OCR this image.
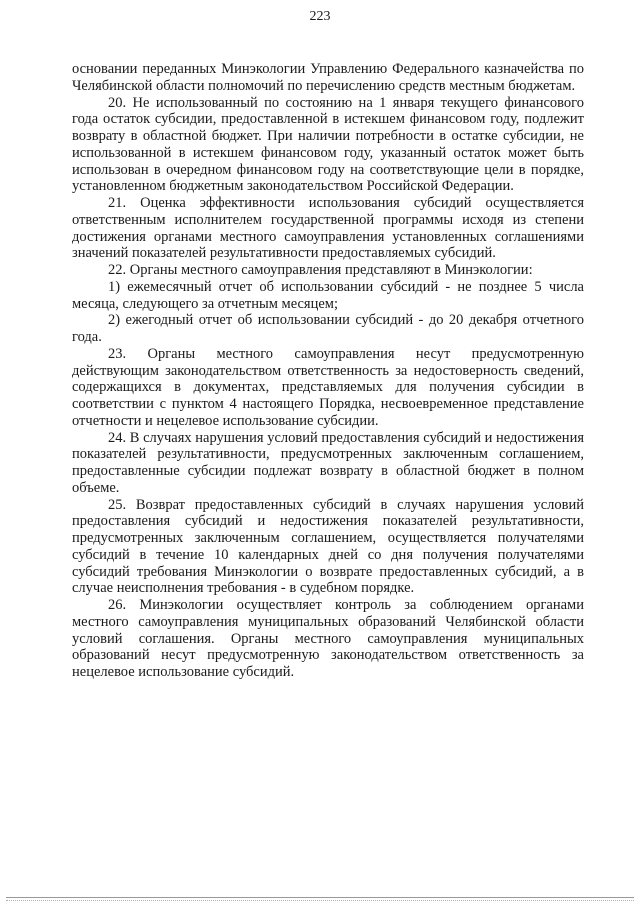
223

основании переданных Минэкологии Управлению Федерального казначейства по Челябинской области полномочий по перечислению средств местным бюджетам.

20. Не использованный по состоянию на 1 января текущего финансового года остаток субсидии, предоставленной в истекшем финансовом году, подлежит возврату в областной бюджет. При наличии потребности в остатке субсидии, не использованной в истекшем финансовом году, указанный остаток может быть использован в очередном финансовом году на соответствующие цели в порядке, установленном бюджетным законодательством Российской Федерации.

21. Оценка эффективности использования субсидий осуществляется ответственным исполнителем государственной программы исходя из степени достижения органами местного самоуправления установленных соглашениями значений показателей результативности предоставляемых субсидий.

22. Органы местного самоуправления представляют в Минэкологии:

1) ежемесячный отчет об использовании субсидий - не позднее 5 числа месяца, следующего за отчетным месяцем;

2) ежегодный отчет об использовании субсидий - до 20 декабря отчетного года.

23. Органы местного самоуправления несут предусмотренную действующим законодательством ответственность за недостоверность сведений, содержащихся в документах, представляемых для получения субсидии в соответствии с пунктом 4 настоящего Порядка, несвоевременное представление отчетности и нецелевое использование субсидии.

24. В случаях нарушения условий предоставления субсидий и недостижения показателей результативности, предусмотренных заключенным соглашением, предоставленные субсидии подлежат возврату в областной бюджет в полном объеме.

25. Возврат предоставленных субсидий в случаях нарушения условий предоставления субсидий и недостижения показателей результативности, предусмотренных заключенным соглашением, осуществляется получателями субсидий в течение 10 календарных дней со дня получения получателями субсидий требования Минэкологии о возврате предоставленных субсидий, а в случае неисполнения требования - в судебном порядке.

26. Минэкологии осуществляет контроль за соблюдением органами местного самоуправления муниципальных образований Челябинской области условий соглашения. Органы местного самоуправления муниципальных образований несут предусмотренную законодательством ответственность за нецелевое использование субсидий.
